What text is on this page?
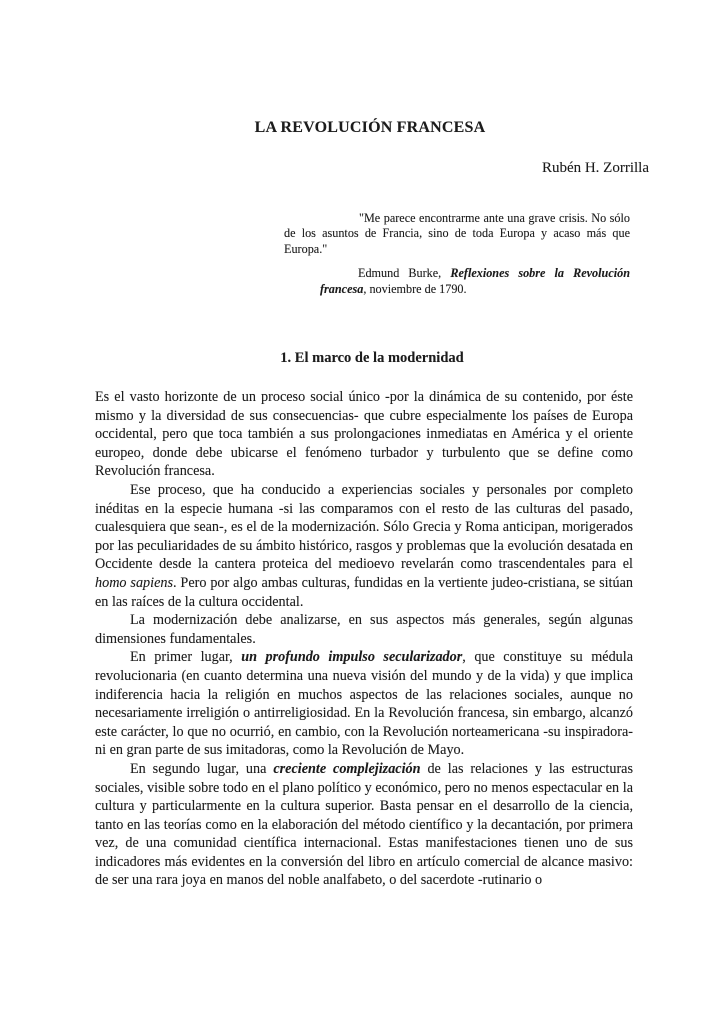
LA REVOLUCIÓN FRANCESA
Rubén H. Zorrilla

"Me parece encontrarme ante una grave crisis. No sólo de los asuntos de Francia, sino de toda Europa y acaso más que Europa."

Edmund Burke, Reflexiones sobre la Revolución francesa, noviembre de 1790.

1. El marco de la modernidad

Es el vasto horizonte de un proceso social único -por la dinámica de su contenido, por éste mismo y la diversidad de sus consecuencias- que cubre especialmente los países de Europa occidental, pero que toca también a sus prolongaciones inmediatas en América y el oriente europeo, donde debe ubicarse el fenómeno turbador y turbulento que se define como Revolución francesa.

Ese proceso, que ha conducido a experiencias sociales y personales por completo inéditas en la especie humana -si las comparamos con el resto de las culturas del pasado, cualesquiera que sean-, es el de la modernización. Sólo Grecia y Roma anticipan, morigerados por las peculiaridades de su ámbito histórico, rasgos y problemas que la evolución desatada en Occidente desde la cantera proteica del medioevo revelarán como trascendentales para el homo sapiens. Pero por algo ambas culturas, fundidas en la vertiente judeo-cristiana, se sitúan en las raíces de la cultura occidental.

La modernización debe analizarse, en sus aspectos más generales, según algunas dimensiones fundamentales.

En primer lugar, un profundo impulso secularizador, que constituye su médula revolucionaria (en cuanto determina una nueva visión del mundo y de la vida) y que implica indiferencia hacia la religión en muchos aspectos de las relaciones sociales, aunque no necesariamente irreligión o antirreligiosidad. En la Revolución francesa, sin embargo, alcanzó este carácter, lo que no ocurrió, en cambio, con la Revolución norteamericana -su inspiradora- ni en gran parte de sus imitadoras, como la Revolución de Mayo.

En segundo lugar, una creciente complejización de las relaciones y las estructuras sociales, visible sobre todo en el plano político y económico, pero no menos espectacular en la cultura y particularmente en la cultura superior. Basta pensar en el desarrollo de la ciencia, tanto en las teorías como en la elaboración del método científico y la decantación, por primera vez, de una comunidad científica internacional. Estas manifestaciones tienen uno de sus indicadores más evidentes en la conversión del libro en artículo comercial de alcance masivo: de ser una rara joya en manos del noble analfabeto, o del sacerdote -rutinario o
